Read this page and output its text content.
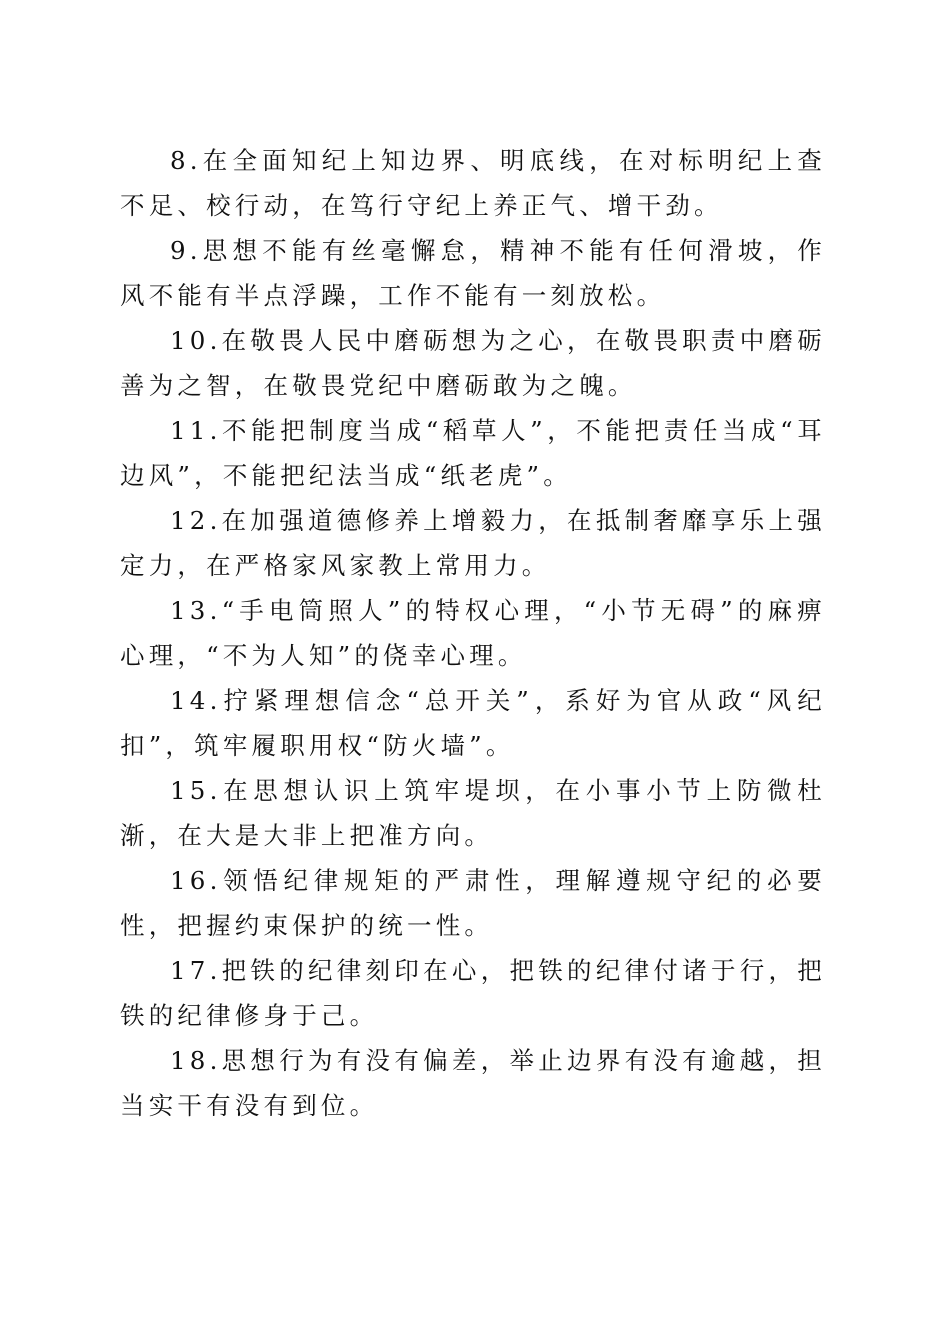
8.在全面知纪上知边界、明底线，在对标明纪上查不足、校行动，在笃行守纪上养正气、增干劲。

9.思想不能有丝毫懈怠，精神不能有任何滑坡，作风不能有半点浮躁，工作不能有一刻放松。

10.在敬畏人民中磨砺想为之心，在敬畏职责中磨砺善为之智，在敬畏党纪中磨砺敢为之魄。

11.不能把制度当成“稻草人”，不能把责任当成“耳边风”，不能把纪法当成“纸老虎”。

12.在加强道德修养上增毅力，在抵制奢靡享乐上强定力，在严格家风家教上常用力。

13.“手电筒照人”的特权心理，“小节无碍”的麻痹心理，“不为人知”的侥幸心理。

14.拧紧理想信念“总开关”，系好为官从政“风纪扣”，筑牢履职用权“防火墙”。

15.在思想认识上筑牢堤坝，在小事小节上防微杜渐，在大是大非上把准方向。

16.领悟纪律规矩的严肃性，理解遵规守纪的必要性，把握约束保护的统一性。

17.把铁的纪律刻印在心，把铁的纪律付诸于行，把铁的纪律修身于己。

18.思想行为有没有偏差，举止边界有没有逾越，担当实干有没有到位。
